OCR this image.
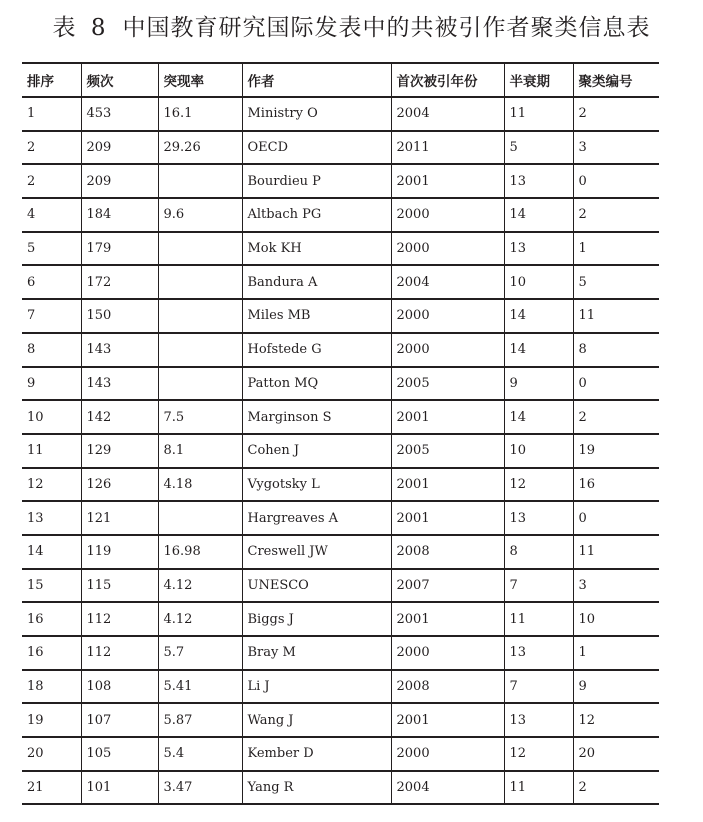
表 8 中国教育研究国际发表中的共被引作者聚类信息表
排序	频次	突现率	作者	首次被引年份	半衰期	聚类编号
1	453	16.1	Ministry O	2004	11	2
2	209	29.26	OECD	2011	5	3
2	209		Bourdieu P	2001	13	0
4	184	9.6	Altbach PG	2000	14	2
5	179		Mok KH	2000	13	1
6	172		Bandura A	2004	10	5
7	150		Miles MB	2000	14	11
8	143		Hofstede G	2000	14	8
9	143		Patton MQ	2005	9	0
10	142	7.5	Marginson S	2001	14	2
11	129	8.1	Cohen J	2005	10	19
12	126	4.18	Vygotsky L	2001	12	16
13	121		Hargreaves A	2001	13	0
14	119	16.98	Creswell JW	2008	8	11
15	115	4.12	UNESCO	2007	7	3
16	112	4.12	Biggs J	2001	11	10
16	112	5.7	Bray M	2000	13	1
18	108	5.41	Li J	2008	7	9
19	107	5.87	Wang J	2001	13	12
20	105	5.4	Kember D	2000	12	20
21	101	3.47	Yang R	2004	11	2
